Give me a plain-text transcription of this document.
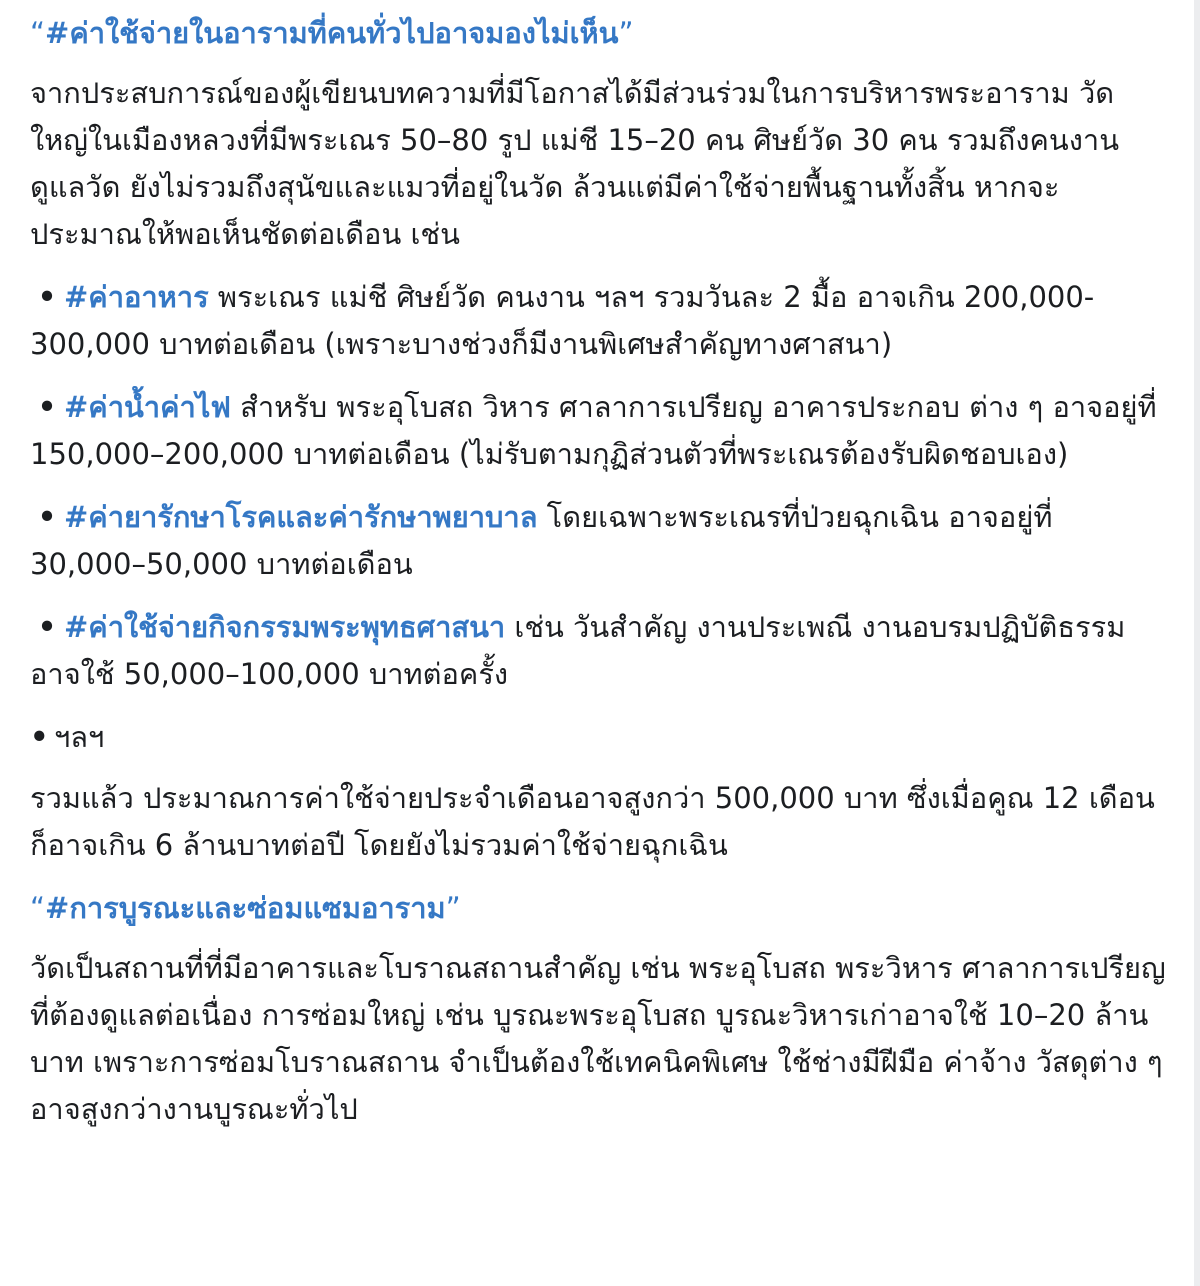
“#ค่าใช้จ่ายในอารามที่คนทั่วไปอาจมองไม่เห็น”

จากประสบการณ์ของผู้เขียนบทความที่มีโอกาสได้มีส่วนร่วมในการบริหารพระอาราม วัดใหญ่ในเมืองหลวงที่มีพระเณร 50–80 รูป แม่ชี 15–20 คน ศิษย์วัด 30 คน รวมถึงคนงานดูแลวัด ยังไม่รวมถึงสุนัขและแมวที่อยู่ในวัด ล้วนแต่มีค่าใช้จ่ายพื้นฐานทั้งสิ้น หากจะประมาณให้พอเห็นชัดต่อเดือน เช่น

• #ค่าอาหาร พระเณร แม่ชี ศิษย์วัด คนงาน ฯลฯ รวมวันละ 2 มื้อ อาจเกิน 200,000- 300,000 บาทต่อเดือน (เพราะบางช่วงก็มีงานพิเศษสำคัญทางศาสนา)

• #ค่าน้ำค่าไฟ สำหรับ พระอุโบสถ วิหาร ศาลาการเปรียญ อาคารประกอบ ต่าง ๆ อาจอยู่ที่ 150,000–200,000 บาทต่อเดือน (ไม่รับตามกุฏิส่วนตัวที่พระเณรต้องรับผิดชอบเอง)

• #ค่ายารักษาโรคและค่ารักษาพยาบาล โดยเฉพาะพระเณรที่ป่วยฉุกเฉิน อาจอยู่ที่ 30,000–50,000 บาทต่อเดือน

• #ค่าใช้จ่ายกิจกรรมพระพุทธศาสนา เช่น วันสำคัญ งานประเพณี งานอบรมปฏิบัติธรรม อาจใช้ 50,000–100,000 บาทต่อครั้ง

• ฯลฯ

รวมแล้ว ประมาณการค่าใช้จ่ายประจำเดือนอาจสูงกว่า 500,000 บาท ซึ่งเมื่อคูณ 12 เดือน ก็อาจเกิน 6 ล้านบาทต่อปี โดยยังไม่รวมค่าใช้จ่ายฉุกเฉิน

“#การบูรณะและซ่อมแซมอาราม”

วัดเป็นสถานที่ที่มีอาคารและโบราณสถานสำคัญ เช่น พระอุโบสถ พระวิหาร ศาลาการเปรียญ ที่ต้องดูแลต่อเนื่อง การซ่อมใหญ่ เช่น บูรณะพระอุโบสถ บูรณะวิหารเก่าอาจใช้ 10–20 ล้านบาท เพราะการซ่อมโบราณสถาน จำเป็นต้องใช้เทคนิคพิเศษ ใช้ช่างมีฝีมือ ค่าจ้าง วัสดุต่าง ๆ อาจสูงกว่างานบูรณะทั่วไป
